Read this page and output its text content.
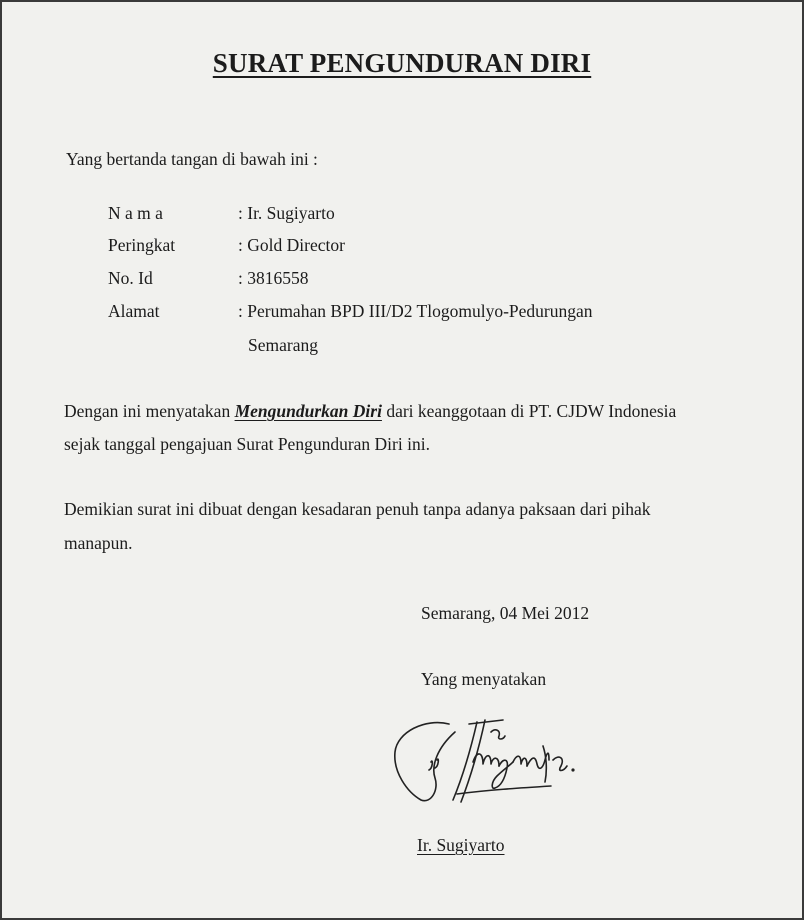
SURAT PENGUNDURAN DIRI
Yang bertanda tangan di bawah ini :
N a m a	: Ir. Sugiyarto
Peringkat	: Gold Director
No. Id	: 3816558
Alamat	: Perumahan BPD III/D2 Tlogomulyo-Pedurungan
Semarang
Dengan ini menyatakan Mengundurkan Diri dari keanggotaan di PT. CJDW Indonesia
sejak tanggal pengajuan Surat Pengunduran Diri ini.
Demikian surat ini dibuat dengan kesadaran penuh tanpa adanya paksaan dari pihak
manapun.
Semarang, 04 Mei 2012
Yang menyatakan
Ir. Sugiyarto
